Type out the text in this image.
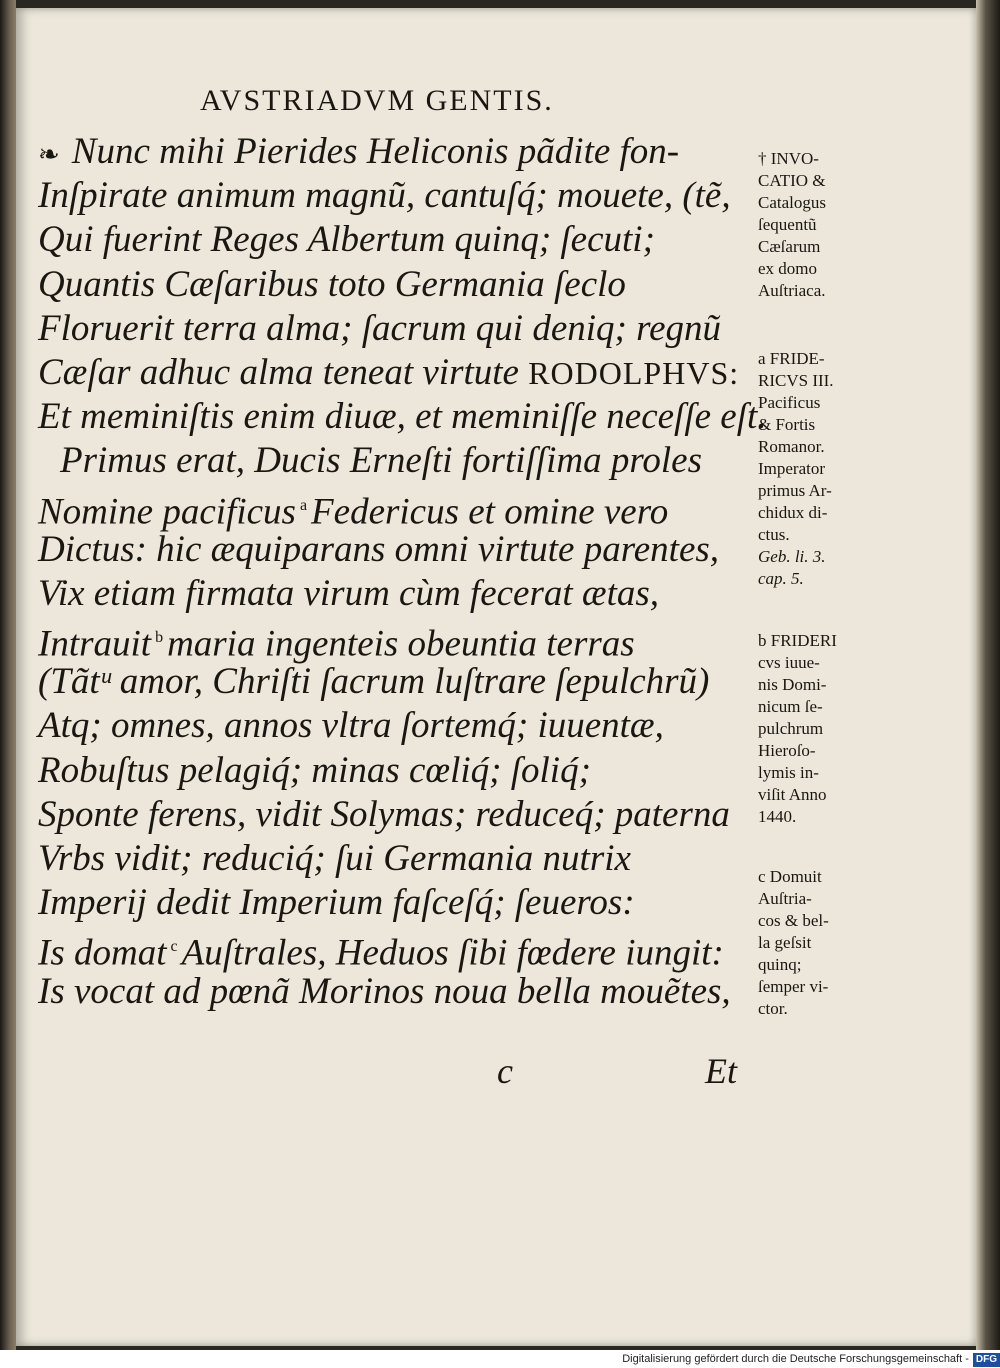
AVSTRIADVM GENTIS.
❧ Nunc mihi Pierides Heliconis pãdite fon-
Inſpirate animum magnũ, cantuſq́; mouete, (tẽ,
Qui fuerint Reges Albertum quinq; ſecuti;
Quantis Cæſaribus toto Germania ſeclo
Floruerit terra alma; ſacrum qui deniq; regnũ
Cæſar adhuc alma teneat virtute RODOLPHVS:
Et meminiſtis enim diuæ, et meminiſſe neceſſe eſt.
Primus erat, Ducis Erneſti fortiſſima proles
Nomine pacificus $^a$ Federicus et omine vero
Dictus: hic æquiparans omni virtute parentes,
Vix etiam firmata virum cùm fecerat ætas,
Intrauit $^b$ maria ingenteis obeuntia terras
(Tãtᵘ amor, Chriſti ſacrum luſtrare ſepulchrũ)
Atq; omnes, annos vltra ſortemq́; iuuentæ,
Robuſtus pelagiq́; minas cœliq́; ſoliq́;
Sponte ferens, vidit Solymas; reduceq́; paterna
Vrbs vidit; reduciq́; ſui Germania nutrix
Imperij dedit Imperium faſceſq́; ſeueros:
Is domat $^c$ Auſtrales, Heduos ſibi fœdere iungit:
Is vocat ad pœnã Morinos noua bella mouẽtes,
† INVO-
CATIO &
Catalogus
ſequentũ
Cæſarum
ex domo
Auſtriaca.
a FRIDE-
RICVS III.
Pacificus
& Fortis
Romanor.
Imperator
primus Ar-
chidux di-
ctus.
Geb. li. 3.
cap. 5.
b FRIDERI
cvs iuue-
nis Domi-
nicum ſe-
pulchrum
Hieroſo-
lymis in-
viſit Anno
1440.
c Domuit
Auſtria-
cos & bel-
la geſsit
quinq;
ſemper vi-
ctor.
c	Et
Digitalisierung gefördert durch die Deutsche Forschungsgemeinschaft - DFG
